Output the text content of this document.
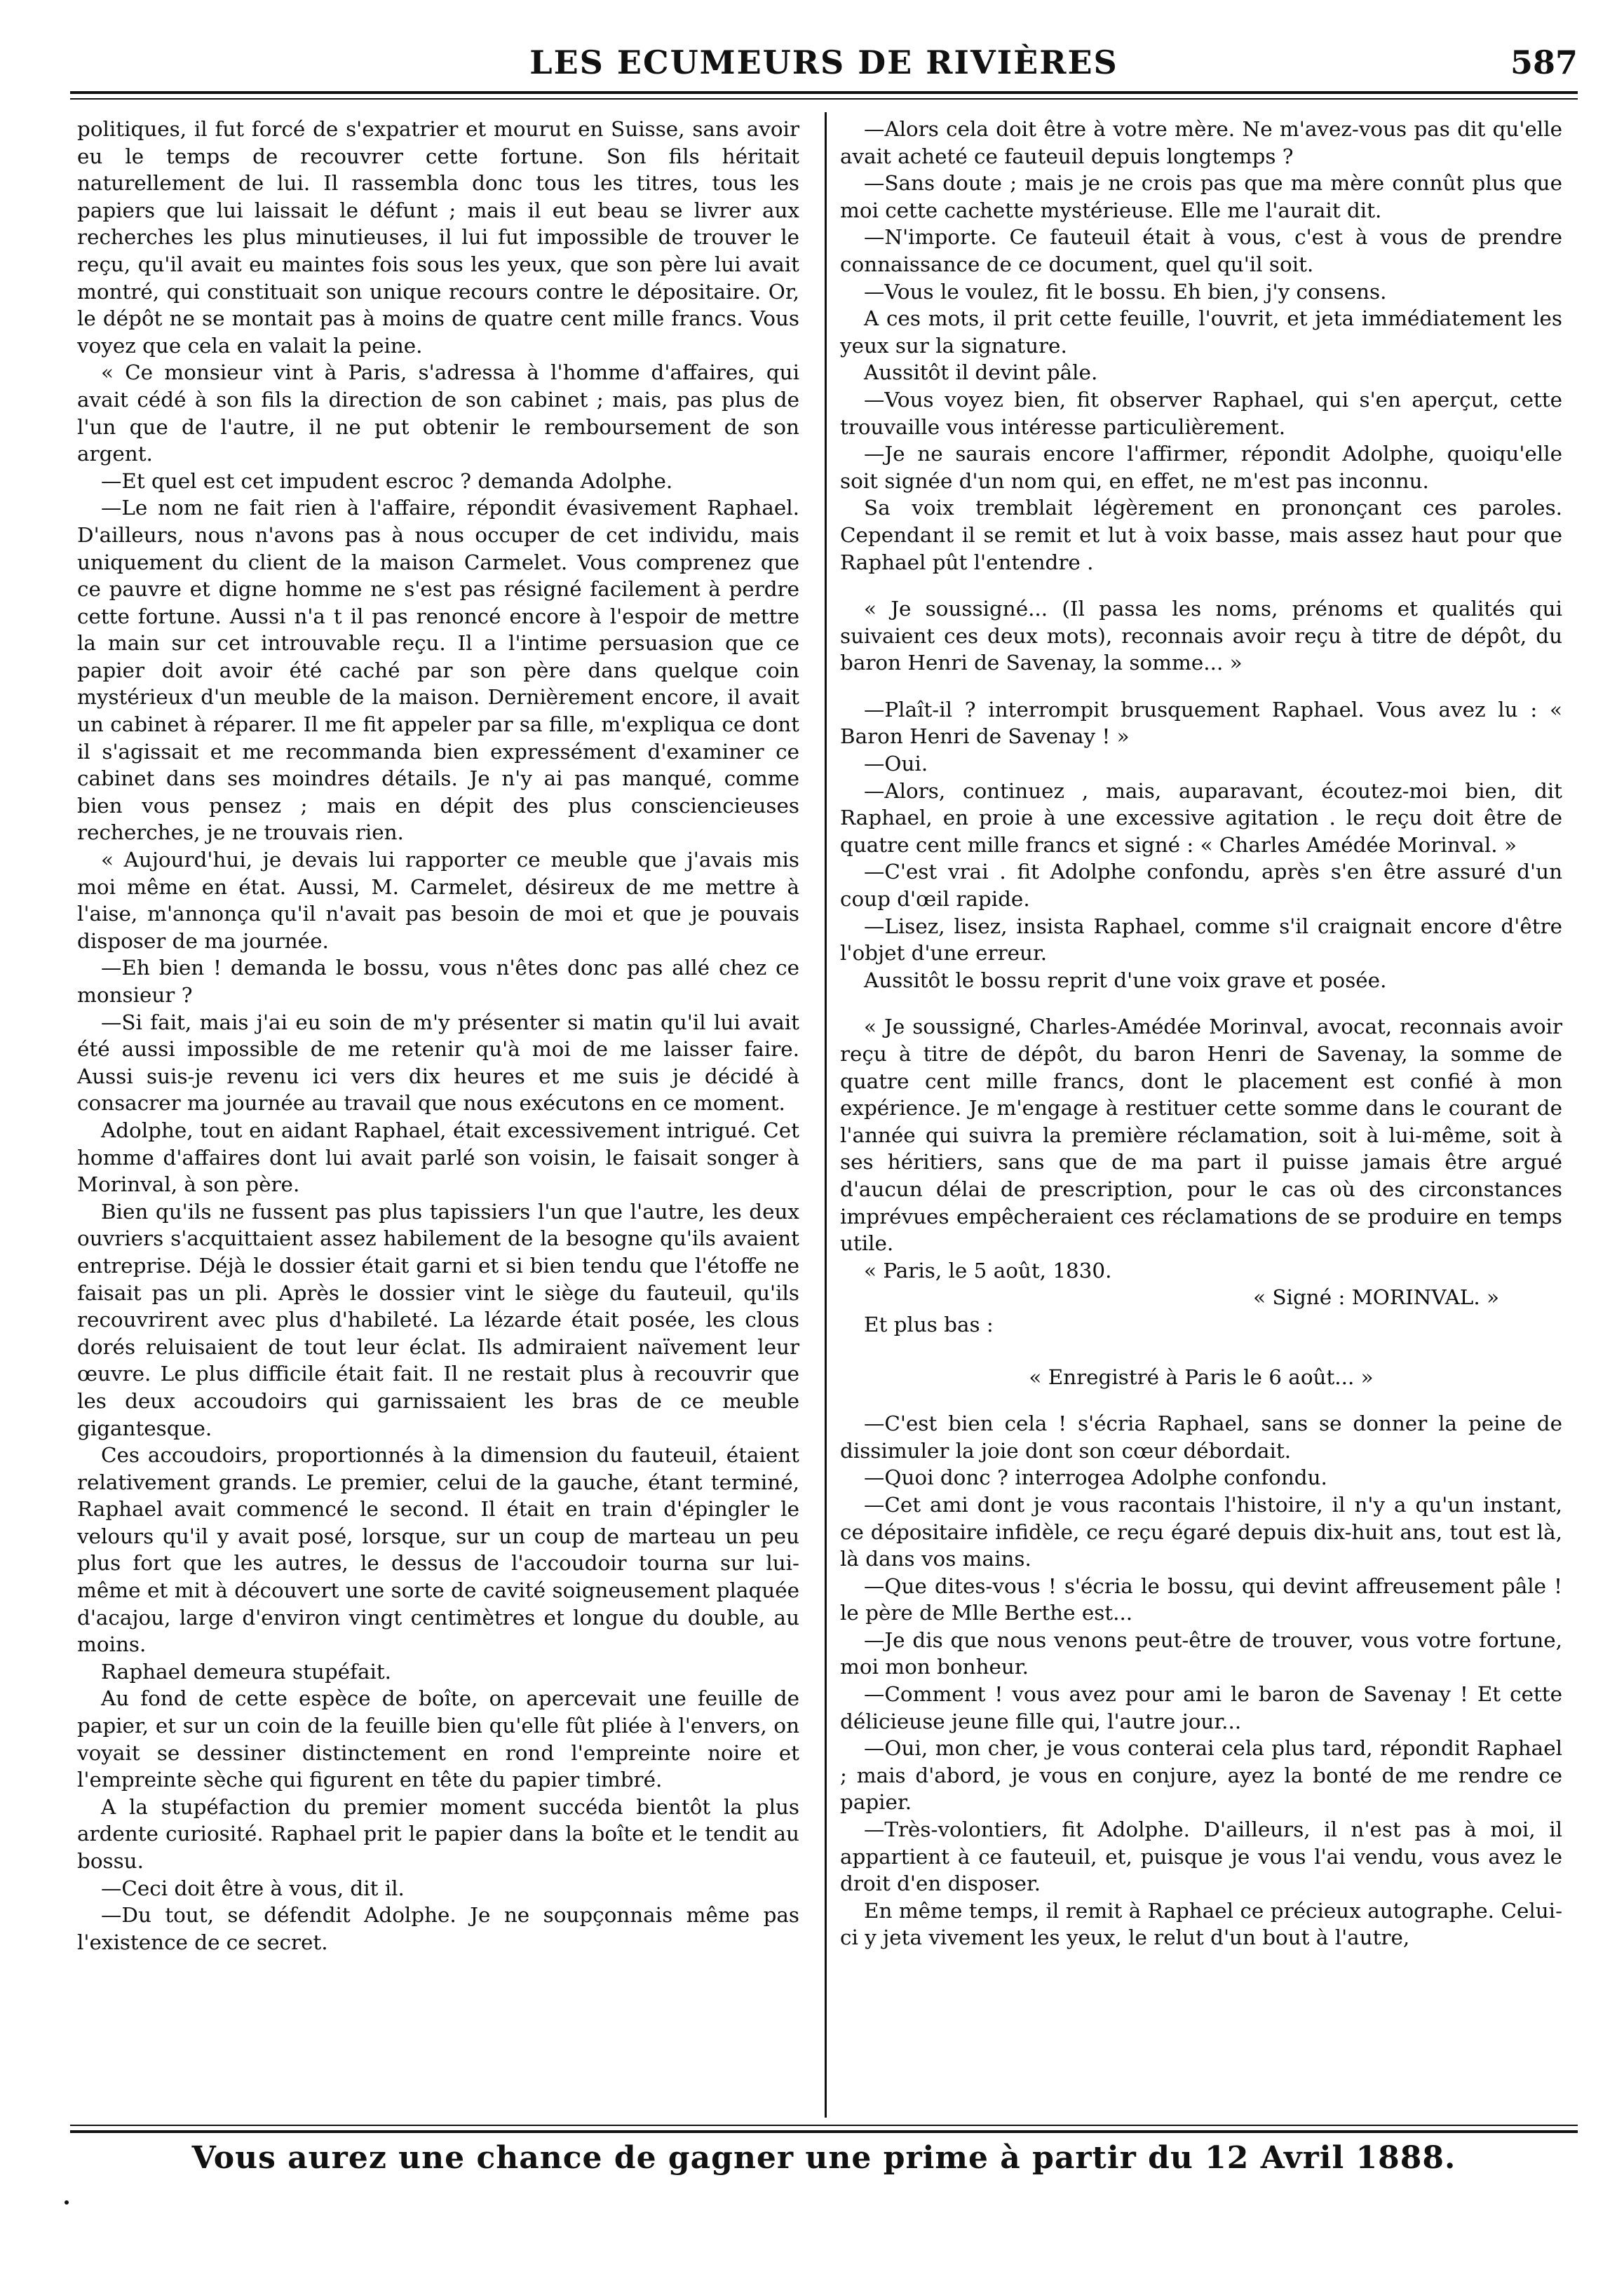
LES ECUMEURS DE RIVIÈRES	587

politiques, il fut forcé de s'expatrier et mourut en Suisse, sans avoir eu le temps de recouvrer cette fortune. Son fils héritait naturellement de lui. Il rassembla donc tous les titres, tous les papiers que lui laissait le défunt ; mais il eut beau se livrer aux recherches les plus minutieuses, il lui fut impossible de trouver le reçu, qu'il avait eu maintes fois sous les yeux, que son père lui avait montré, qui constituait son unique recours contre le dépositaire. Or, le dépôt ne se montait pas à moins de quatre cent mille francs. Vous voyez que cela en valait la peine.

« Ce monsieur vint à Paris, s'adressa à l'homme d'affaires, qui avait cédé à son fils la direction de son cabinet ; mais, pas plus de l'un que de l'autre, il ne put obtenir le remboursement de son argent.

—Et quel est cet impudent escroc ? demanda Adolphe.

—Le nom ne fait rien à l'affaire, répondit évasivement Raphael. D'ailleurs, nous n'avons pas à nous occuper de cet individu, mais uniquement du client de la maison Carmelet. Vous comprenez que ce pauvre et digne homme ne s'est pas résigné facilement à perdre cette fortune. Aussi n'a t il pas renoncé encore à l'espoir de mettre la main sur cet introuvable reçu. Il a l'intime persuasion que ce papier doit avoir été caché par son père dans quelque coin mystérieux d'un meuble de la maison. Dernièrement encore, il avait un cabinet à réparer. Il me fit appeler par sa fille, m'expliqua ce dont il s'agissait et me recommanda bien expressément d'examiner ce cabinet dans ses moindres détails. Je n'y ai pas manqué, comme bien vous pensez ; mais en dépit des plus consciencieuses recherches, je ne trouvais rien.

« Aujourd'hui, je devais lui rapporter ce meuble que j'avais mis moi même en état. Aussi, M. Carmelet, désireux de me mettre à l'aise, m'annonça qu'il n'avait pas besoin de moi et que je pouvais disposer de ma journée.

—Eh bien ! demanda le bossu, vous n'êtes donc pas allé chez ce monsieur ?

—Si fait, mais j'ai eu soin de m'y présenter si matin qu'il lui avait été aussi impossible de me retenir qu'à moi de me laisser faire. Aussi suis-je revenu ici vers dix heures et me suis je décidé à consacrer ma journée au travail que nous exécutons en ce moment.

Adolphe, tout en aidant Raphael, était excessivement intrigué. Cet homme d'affaires dont lui avait parlé son voisin, le faisait songer à Morinval, à son père.

Bien qu'ils ne fussent pas plus tapissiers l'un que l'autre, les deux ouvriers s'acquittaient assez habilement de la besogne qu'ils avaient entreprise. Déjà le dossier était garni et si bien tendu que l'étoffe ne faisait pas un pli. Après le dossier vint le siège du fauteuil, qu'ils recouvrirent avec plus d'habileté. La lézarde était posée, les clous dorés reluisaient de tout leur éclat. Ils admiraient naïvement leur œuvre. Le plus difficile était fait. Il ne restait plus à recouvrir que les deux accoudoirs qui garnissaient les bras de ce meuble gigantesque.

Ces accoudoirs, proportionnés à la dimension du fauteuil, étaient relativement grands. Le premier, celui de la gauche, étant terminé, Raphael avait commencé le second. Il était en train d'épingler le velours qu'il y avait posé, lorsque, sur un coup de marteau un peu plus fort que les autres, le dessus de l'accoudoir tourna sur lui-même et mit à découvert une sorte de cavité soigneusement plaquée d'acajou, large d'environ vingt centimètres et longue du double, au moins.

Raphael demeura stupéfait.

Au fond de cette espèce de boîte, on apercevait une feuille de papier, et sur un coin de la feuille bien qu'elle fût pliée à l'envers, on voyait se dessiner distinctement en rond l'empreinte noire et l'empreinte sèche qui figurent en tête du papier timbré.

A la stupéfaction du premier moment succéda bientôt la plus ardente curiosité. Raphael prit le papier dans la boîte et le tendit au bossu.

—Ceci doit être à vous, dit il.

—Du tout, se défendit Adolphe. Je ne soupçonnais même pas l'existence de ce secret.

—Alors cela doit être à votre mère. Ne m'avez-vous pas dit qu'elle avait acheté ce fauteuil depuis longtemps ?

—Sans doute ; mais je ne crois pas que ma mère connût plus que moi cette cachette mystérieuse. Elle me l'aurait dit.

—N'importe. Ce fauteuil était à vous, c'est à vous de prendre connaissance de ce document, quel qu'il soit.

—Vous le voulez, fit le bossu. Eh bien, j'y consens.

A ces mots, il prit cette feuille, l'ouvrit, et jeta immédiatement les yeux sur la signature.

Aussitôt il devint pâle.

—Vous voyez bien, fit observer Raphael, qui s'en aperçut, cette trouvaille vous intéresse particulièrement.

—Je ne saurais encore l'affirmer, répondit Adolphe, quoiqu'elle soit signée d'un nom qui, en effet, ne m'est pas inconnu.

Sa voix tremblait légèrement en prononçant ces paroles. Cependant il se remit et lut à voix basse, mais assez haut pour que Raphael pût l'entendre .

« Je soussigné... (Il passa les noms, prénoms et qualités qui suivaient ces deux mots), reconnais avoir reçu à titre de dépôt, du baron Henri de Savenay, la somme... »

—Plaît-il ? interrompit brusquement Raphael. Vous avez lu : « Baron Henri de Savenay ! »

—Oui.

—Alors, continuez , mais, auparavant, écoutez-moi bien, dit Raphael, en proie à une excessive agitation . le reçu doit être de quatre cent mille francs et signé : « Charles Amédée Morinval. »

—C'est vrai . fit Adolphe confondu, après s'en être assuré d'un coup d'œil rapide.

—Lisez, lisez, insista Raphael, comme s'il craignait encore d'être l'objet d'une erreur.

Aussitôt le bossu reprit d'une voix grave et posée.

« Je soussigné, Charles-Amédée Morinval, avocat, reconnais avoir reçu à titre de dépôt, du baron Henri de Savenay, la somme de quatre cent mille francs, dont le placement est confié à mon expérience. Je m'engage à restituer cette somme dans le courant de l'année qui suivra la première réclamation, soit à lui-même, soit à ses héritiers, sans que de ma part il puisse jamais être argué d'aucun délai de prescription, pour le cas où des circonstances imprévues empêcheraient ces réclamations de se produire en temps utile.

« Paris, le 5 août, 1830.

« Signé : MORINVAL. »

Et plus bas :

« Enregistré à Paris le 6 août... »

—C'est bien cela ! s'écria Raphael, sans se donner la peine de dissimuler la joie dont son cœur débordait.

—Quoi donc ? interrogea Adolphe confondu.

—Cet ami dont je vous racontais l'histoire, il n'y a qu'un instant, ce dépositaire infidèle, ce reçu égaré depuis dix-huit ans, tout est là, là dans vos mains.

—Que dites-vous ! s'écria le bossu, qui devint affreusement pâle ! le père de Mlle Berthe est...

—Je dis que nous venons peut-être de trouver, vous votre fortune, moi mon bonheur.

—Comment ! vous avez pour ami le baron de Savenay ! Et cette délicieuse jeune fille qui, l'autre jour...

—Oui, mon cher, je vous conterai cela plus tard, répondit Raphael ; mais d'abord, je vous en conjure, ayez la bonté de me rendre ce papier.

—Très-volontiers, fit Adolphe. D'ailleurs, il n'est pas à moi, il appartient à ce fauteuil, et, puisque je vous l'ai vendu, vous avez le droit d'en disposer.

En même temps, il remit à Raphael ce précieux autographe. Celui-ci y jeta vivement les yeux, le relut d'un bout à l'autre,

Vous aurez une chance de gagner une prime à partir du 12 Avril 1888.
